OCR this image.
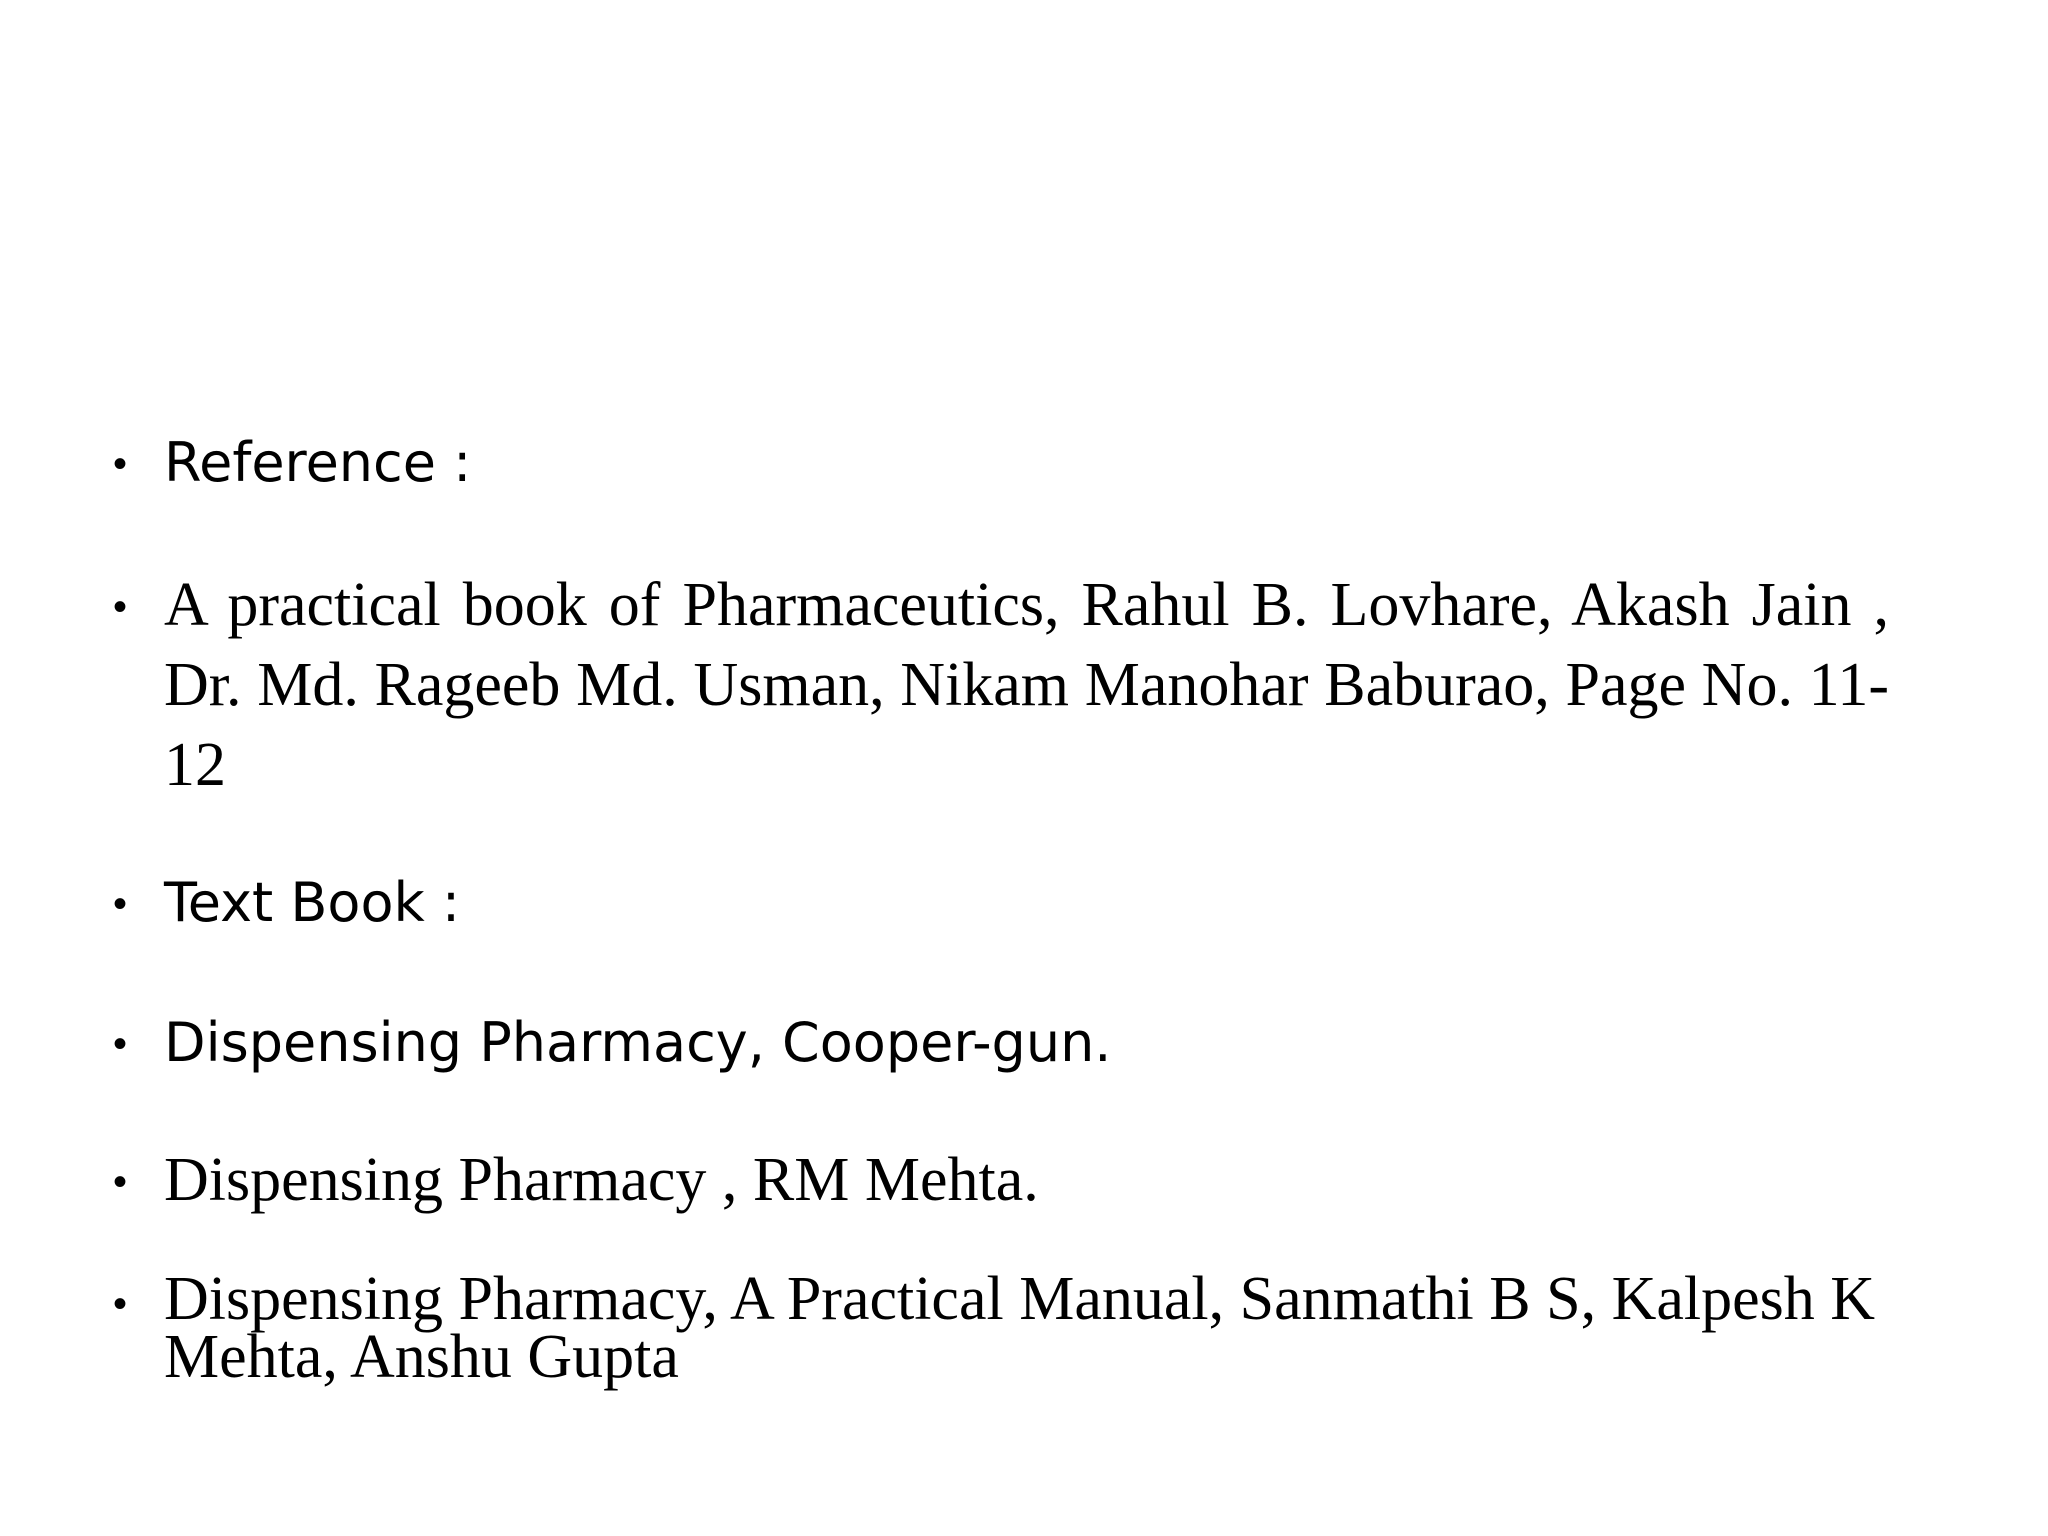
• Reference :
• A practical book of Pharmaceutics, Rahul B. Lovhare, Akash Jain , Dr. Md. Rageeb Md. Usman, Nikam Manohar Baburao, Page No. 11-12
• Text Book :
• Dispensing Pharmacy, Cooper-gun.
• Dispensing Pharmacy , RM Mehta.
• Dispensing Pharmacy, A Practical Manual, Sanmathi B S, Kalpesh K Mehta, Anshu Gupta
